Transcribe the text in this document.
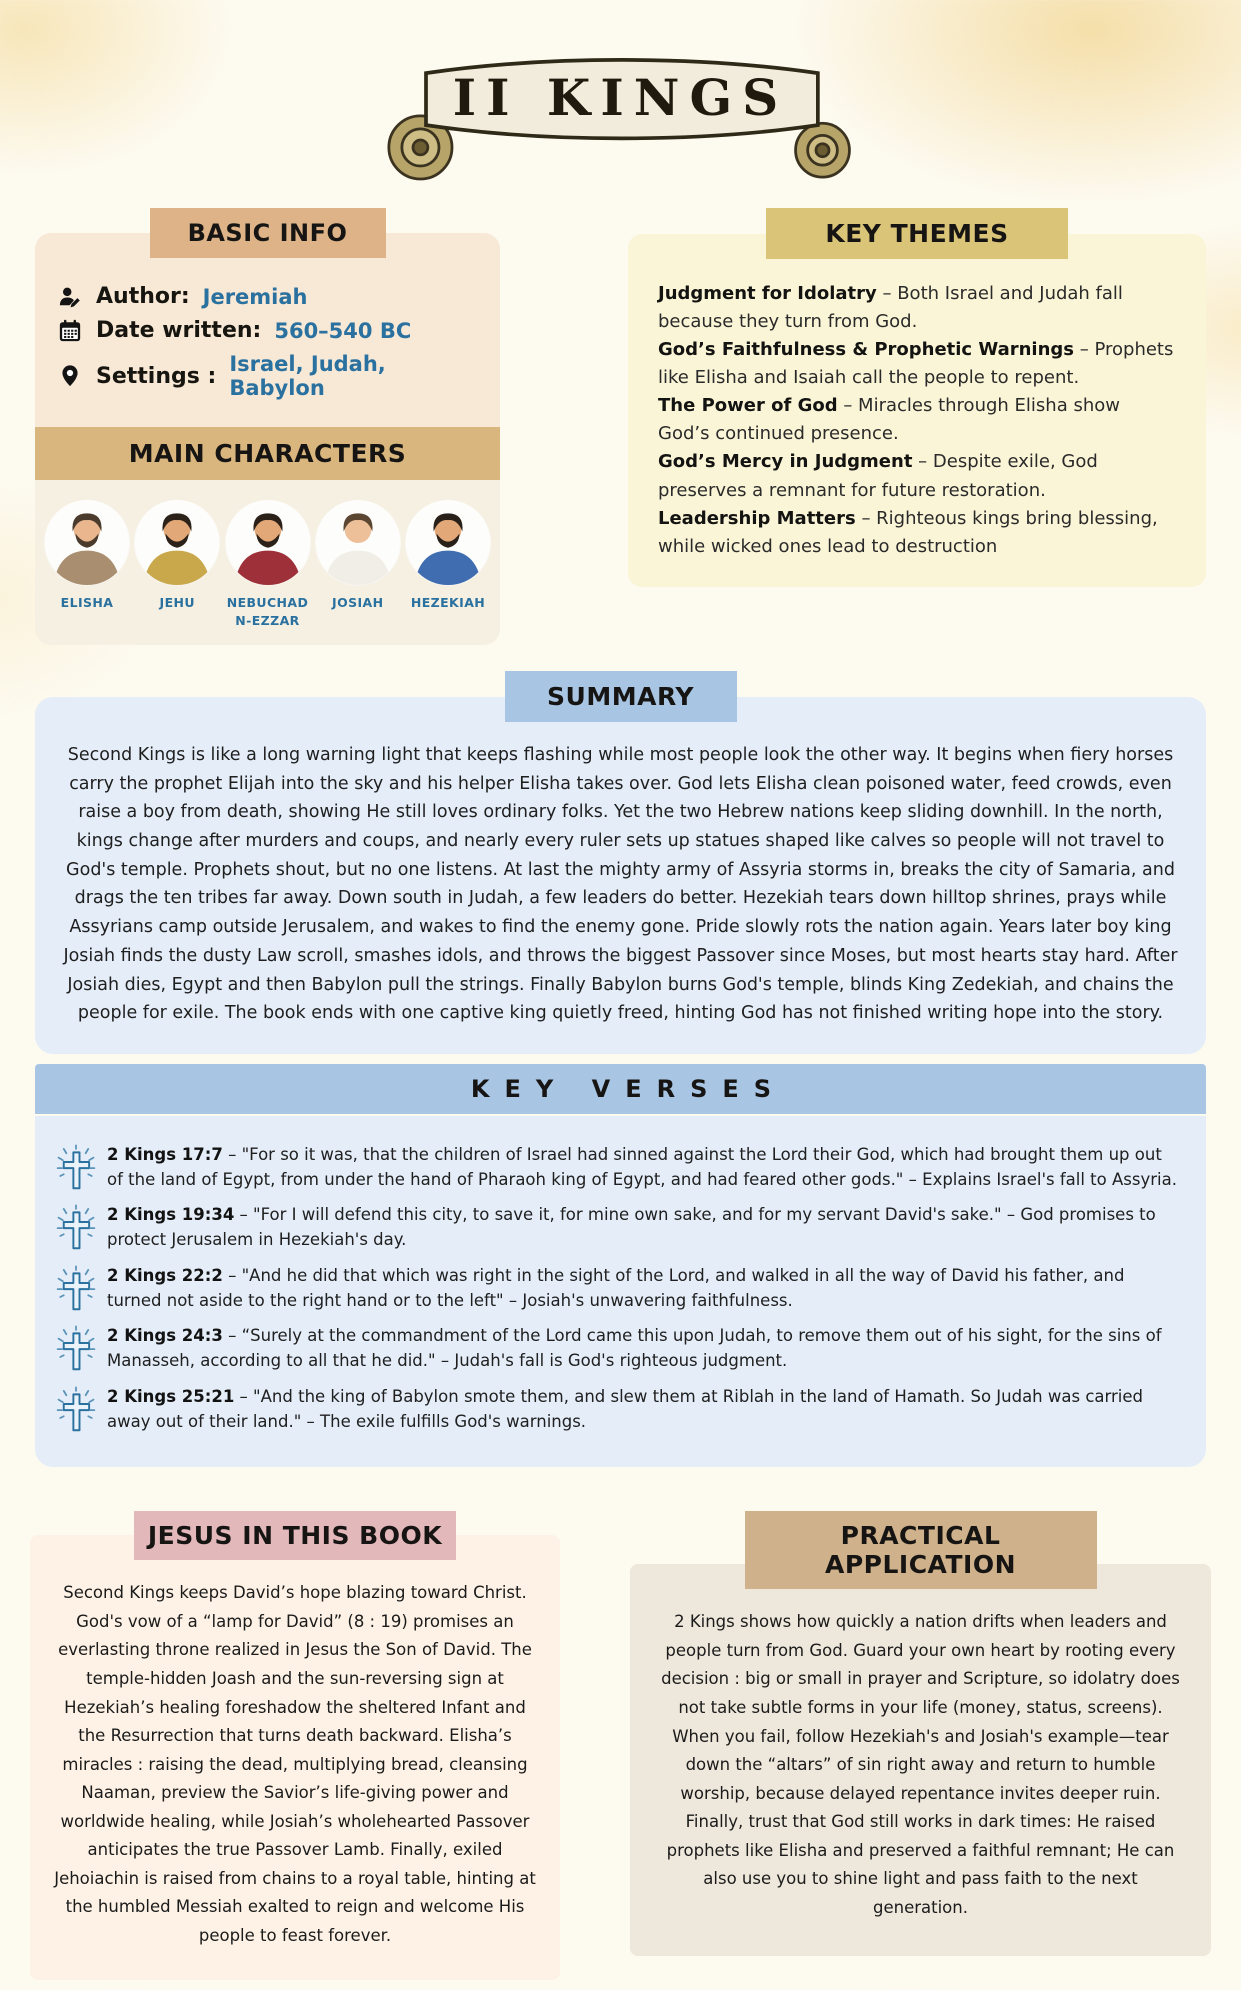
II KINGS
BASIC INFO
Author: Jeremiah
Date written: 560–540 BC
Settings : Israel, Judah, Babylon
MAIN CHARACTERS
ELISHA	JEHU	NEBUCHAD N-EZZAR
JOSIAH	HEZEKIAH
KEY THEMES

Judgment for Idolatry – Both Israel and Judah fall because they turn from God.

God’s Faithfulness & Prophetic Warnings – Prophets like Elisha and Isaiah call the people to repent.

The Power of God – Miracles through Elisha show God’s continued presence.

God’s Mercy in Judgment – Despite exile, God preserves a remnant for future restoration.

Leadership Matters – Righteous kings bring blessing, while wicked ones lead to destruction

SUMMARY

Second Kings is like a long warning light that keeps flashing while most people look the other way. It begins when fiery horses carry the prophet Elijah into the sky and his helper Elisha takes over. God lets Elisha clean poisoned water, feed crowds, even raise a boy from death, showing He still loves ordinary folks. Yet the two Hebrew nations keep sliding downhill. In the north, kings change after murders and coups, and nearly every ruler sets up statues shaped like calves so people will not travel to God's temple. Prophets shout, but no one listens. At last the mighty army of Assyria storms in, breaks the city of Samaria, and drags the ten tribes far away. Down south in Judah, a few leaders do better. Hezekiah tears down hilltop shrines, prays while Assyrians camp outside Jerusalem, and wakes to find the enemy gone. Pride slowly rots the nation again. Years later boy king Josiah finds the dusty Law scroll, smashes idols, and throws the biggest Passover since Moses, but most hearts stay hard. After Josiah dies, Egypt and then Babylon pull the strings. Finally Babylon burns God's temple, blinds King Zedekiah, and chains the people for exile. The book ends with one captive king quietly freed, hinting God has not finished writing hope into the story.

KEY VERSES
2 Kings 17:7 – "For so it was, that the children of Israel had sinned against the Lord their God, which had brought them up out of the land of Egypt, from under the hand of Pharaoh king of Egypt, and had feared other gods." – Explains Israel's fall to Assyria.
2 Kings 19:34 – "For I will defend this city, to save it, for mine own sake, and for my servant David's sake." – God promises to protect Jerusalem in Hezekiah's day.
2 Kings 22:2 – "And he did that which was right in the sight of the Lord, and walked in all the way of David his father, and turned not aside to the right hand or to the left" – Josiah's unwavering faithfulness.
2 Kings 24:3 – “Surely at the commandment of the Lord came this upon Judah, to remove them out of his sight, for the sins of Manasseh, according to all that he did." – Judah's fall is God's righteous judgment.
2 Kings 25:21 – "And the king of Babylon smote them, and slew them at Riblah in the land of Hamath. So Judah was carried away out of their land." – The exile fulfills God's warnings.
JESUS IN THIS BOOK

Second Kings keeps David’s hope blazing toward Christ. God's vow of a “lamp for David” (8 : 19) promises an everlasting throne realized in Jesus the Son of David. The temple-hidden Joash and the sun-reversing sign at Hezekiah’s healing foreshadow the sheltered Infant and the Resurrection that turns death backward. Elisha’s miracles : raising the dead, multiplying bread, cleansing Naaman, preview the Savior’s life-giving power and worldwide healing, while Josiah’s wholehearted Passover anticipates the true Passover Lamb. Finally, exiled Jehoiachin is raised from chains to a royal table, hinting at the humbled Messiah exalted to reign and welcome His people to feast forever.

PRACTICAL APPLICATION

2 Kings shows how quickly a nation drifts when leaders and people turn from God. Guard your own heart by rooting every decision : big or small in prayer and Scripture, so idolatry does not take subtle forms in your life (money, status, screens). When you fail, follow Hezekiah's and Josiah's example—tear down the “altars” of sin right away and return to humble worship, because delayed repentance invites deeper ruin. Finally, trust that God still works in dark times: He raised prophets like Elisha and preserved a faithful remnant; He can also use you to shine light and pass faith to the next generation.
